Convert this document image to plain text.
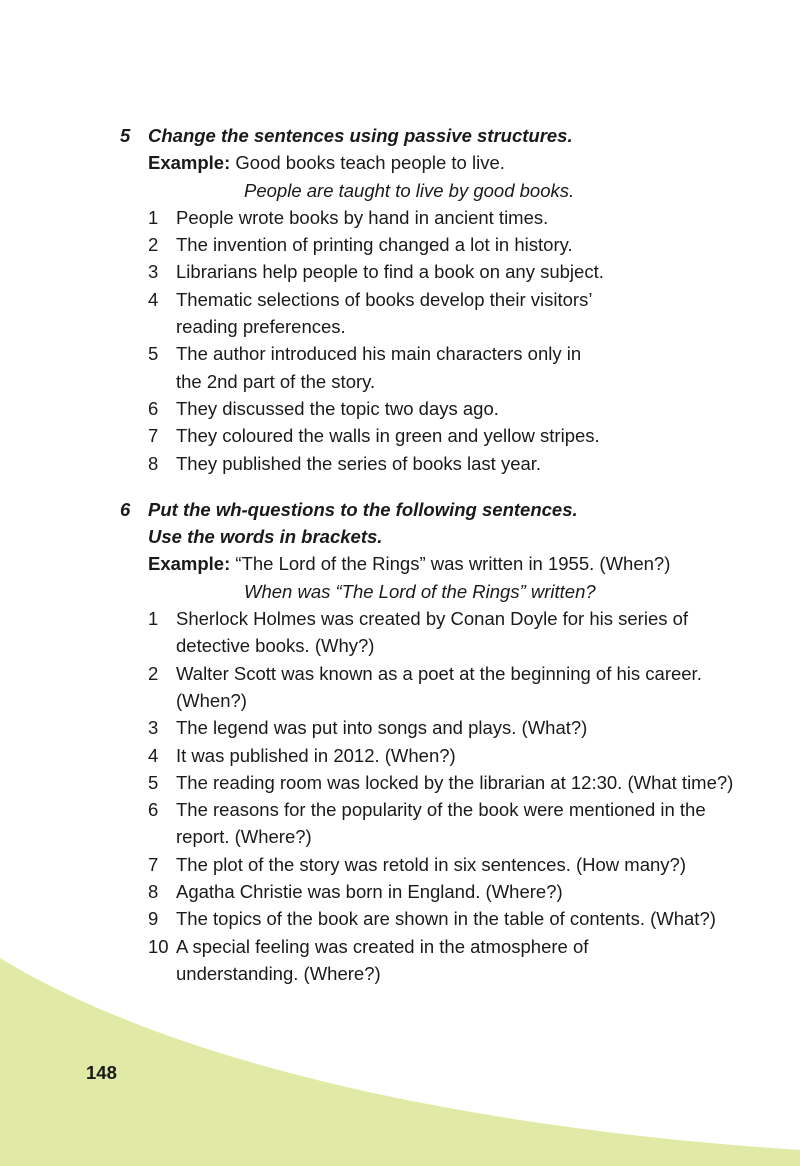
5 Change the sentences using passive structures.
Example: Good books teach people to live.
People are taught to live by good books.
1 People wrote books by hand in ancient times.
2 The invention of printing changed a lot in history.
3 Librarians help people to find a book on any subject.
4 Thematic selections of books develop their visitors’ reading preferences.
5 The author introduced his main characters only in the 2nd part of the story.
6 They discussed the topic two days ago.
7 They coloured the walls in green and yellow stripes.
8 They published the series of books last year.
6 Put the wh-questions to the following sentences.
Use the words in brackets.
Example: “The Lord of the Rings” was written in 1955. (When?)
When was “The Lord of the Rings” written?
1 Sherlock Holmes was created by Conan Doyle for his series of detective books. (Why?)
2 Walter Scott was known as a poet at the beginning of his career. (When?)
3 The legend was put into songs and plays. (What?)
4 It was published in 2012. (When?)
5 The reading room was locked by the librarian at 12:30. (What time?)
6 The reasons for the popularity of the book were mentioned in the report. (Where?)
7 The plot of the story was retold in six sentences. (How many?)
8 Agatha Christie was born in England. (Where?)
9 The topics of the book are shown in the table of contents. (What?)
10 A special feeling was created in the atmosphere of understanding. (Where?)
148
